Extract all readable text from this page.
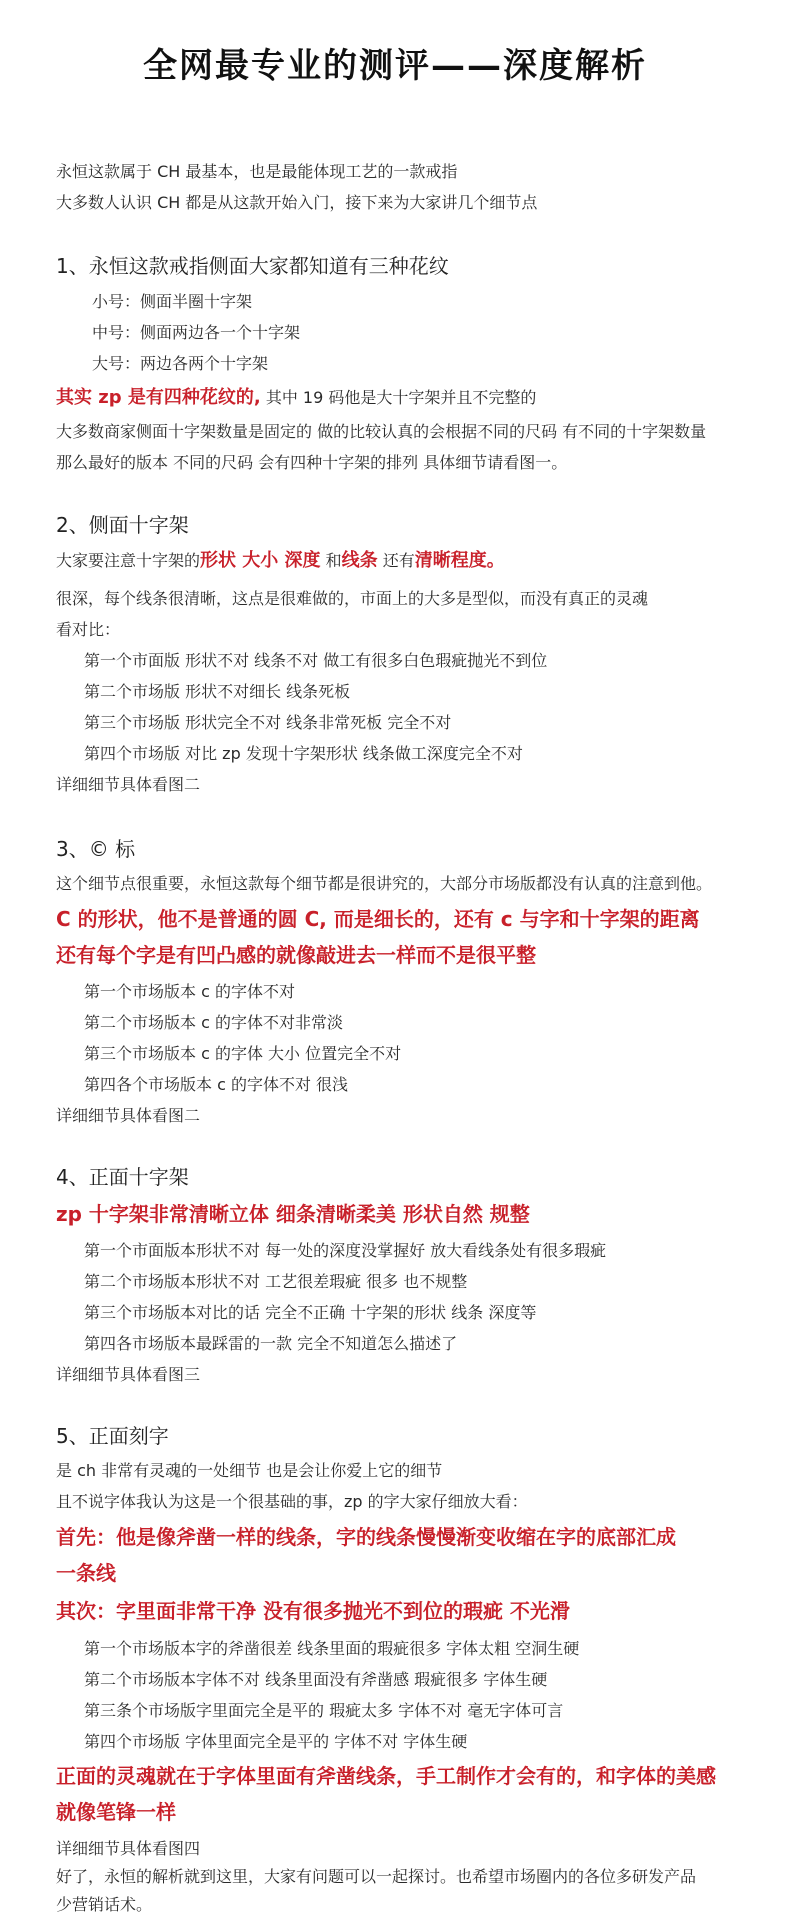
全网最专业的测评——深度解析
永恒这款属于 CH 最基本，也是最能体现工艺的一款戒指
大多数人认识 CH 都是从这款开始入门，接下来为大家讲几个细节点
1、永恒这款戒指侧面大家都知道有三种花纹
小号：侧面半圈十字架
中号：侧面两边各一个十字架
大号：两边各两个十字架
其实 zp 是有四种花纹的, 其中 19 码他是大十字架并且不完整的
大多数商家侧面十字架数量是固定的 做的比较认真的会根据不同的尺码 有不同的十字架数量
那么最好的版本 不同的尺码 会有四种十字架的排列 具体细节请看图一。
2、侧面十字架
大家要注意十字架的形状 大小 深度 和线条 还有清晰程度。
很深，每个线条很清晰，这点是很难做的，市面上的大多是型似，而没有真正的灵魂
看对比：
第一个市面版 形状不对 线条不对 做工有很多白色瑕疵抛光不到位
第二个市场版 形状不对细长 线条死板
第三个市场版 形状完全不对 线条非常死板 完全不对
第四个市场版 对比 zp 发现十字架形状 线条做工深度完全不对
详细细节具体看图二
3、© 标
这个细节点很重要，永恒这款每个细节都是很讲究的，大部分市场版都没有认真的注意到他。
C 的形状，他不是普通的圆 C, 而是细长的，还有 c 与字和十字架的距离
还有每个字是有凹凸感的就像敲进去一样而不是很平整
第一个市场版本 c 的字体不对
第二个市场版本 c 的字体不对非常淡
第三个市场版本 c 的字体 大小 位置完全不对
第四各个市场版本 c 的字体不对 很浅
详细细节具体看图二
4、正面十字架
zp 十字架非常清晰立体 细条清晰柔美 形状自然 规整
第一个市面版本形状不对 每一处的深度没掌握好 放大看线条处有很多瑕疵
第二个市场版本形状不对 工艺很差瑕疵 很多 也不规整
第三个市场版本对比的话 完全不正确 十字架的形状 线条 深度等
第四各市场版本最踩雷的一款 完全不知道怎么描述了
详细细节具体看图三
5、正面刻字
是 ch 非常有灵魂的一处细节 也是会让你爱上它的细节
且不说字体我认为这是一个很基础的事，zp 的字大家仔细放大看：
首先：他是像斧凿一样的线条，字的线条慢慢渐变收缩在字的底部汇成
一条线
其次：字里面非常干净 没有很多抛光不到位的瑕疵 不光滑
第一个市场版本字的斧凿很差 线条里面的瑕疵很多 字体太粗 空洞生硬
第二个市场版本字体不对 线条里面没有斧凿感 瑕疵很多 字体生硬
第三条个市场版字里面完全是平的 瑕疵太多 字体不对 毫无字体可言
第四个市场版 字体里面完全是平的 字体不对 字体生硬
正面的灵魂就在于字体里面有斧凿线条，手工制作才会有的，和字体的美感
就像笔锋一样
详细细节具体看图四
好了，永恒的解析就到这里，大家有问题可以一起探讨。也希望市场圈内的各位多研发产品
少营销话术。
